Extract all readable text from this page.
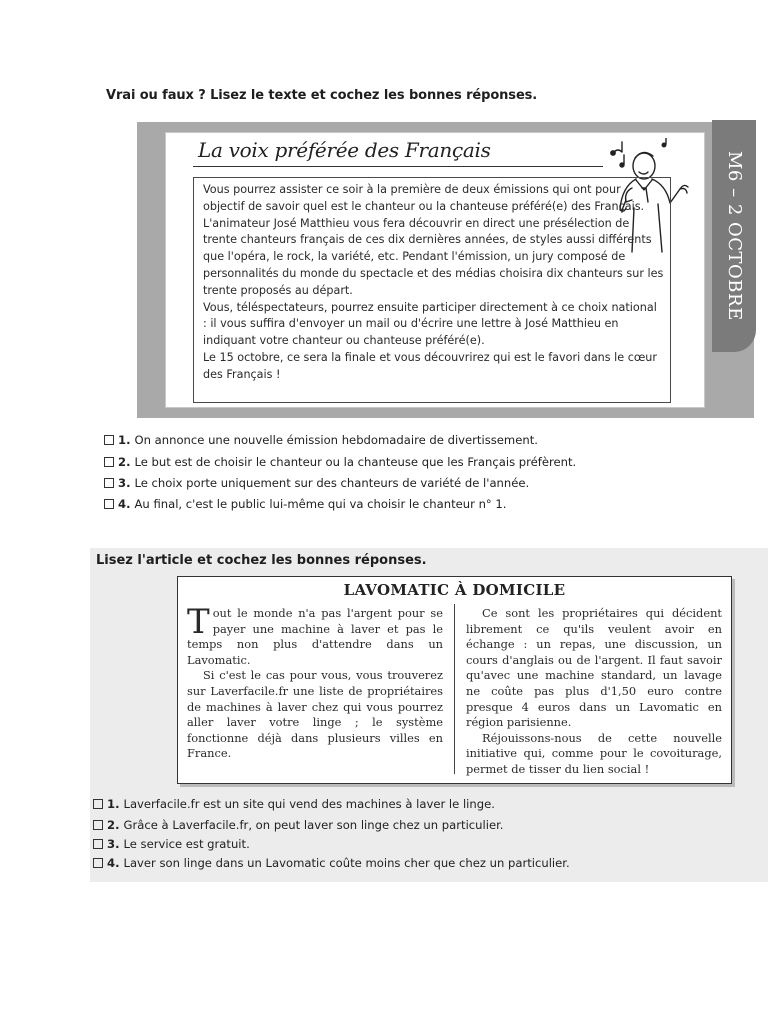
Vrai ou faux ? Lisez le texte et cochez les bonnes réponses.
La voix préférée des Français
M6 – 2 OCTOBRE

Vous pourrez assister ce soir à la première de deux émissions qui ont pour objectif de savoir quel est le chanteur ou la chanteuse préféré(e) des Français. L'animateur José Matthieu vous fera découvrir en direct une présélection de trente chanteurs français de ces dix dernières années, de styles aussi différents que l'opéra, le rock, la variété, etc. Pendant l'émission, un jury composé de personnalités du monde du spectacle et des médias choisira dix chanteurs sur les trente proposés au départ.

Vous, téléspectateurs, pourrez ensuite participer directement à ce choix national : il vous suffira d'envoyer un mail ou d'écrire une lettre à José Matthieu en indiquant votre chanteur ou chanteuse préféré(e).

Le 15 octobre, ce sera la finale et vous découvrirez qui est le favori dans le cœur des Français !

1. On annonce une nouvelle émission hebdomadaire de divertissement.
2. Le but est de choisir le chanteur ou la chanteuse que les Français préfèrent.
3. Le choix porte uniquement sur des chanteurs de variété de l'année.
4. Au final, c'est le public lui-même qui va choisir le chanteur n° 1.
Lisez l'article et cochez les bonnes réponses.
LAVOMATIC À DOMICILE

Tout le monde n'a pas l'argent pour se payer une machine à laver et pas le temps non plus d'attendre dans un Lavomatic.

Si c'est le cas pour vous, vous trouverez sur Laverfacile.fr une liste de propriétaires de machines à laver chez qui vous pourrez aller laver votre linge ; le système fonctionne déjà dans plusieurs villes en France.

Ce sont les propriétaires qui décident librement ce qu'ils veulent avoir en échange : un repas, une discussion, un cours d'anglais ou de l'argent. Il faut savoir qu'avec une machine standard, un lavage ne coûte pas plus d'1,50 euro contre presque 4 euros dans un Lavomatic en région parisienne.

Réjouissons-nous de cette nouvelle initiative qui, comme pour le covoiturage, permet de tisser du lien social !

1. Laverfacile.fr est un site qui vend des machines à laver le linge.
2. Grâce à Laverfacile.fr, on peut laver son linge chez un particulier.
3. Le service est gratuit.
4. Laver son linge dans un Lavomatic coûte moins cher que chez un particulier.
